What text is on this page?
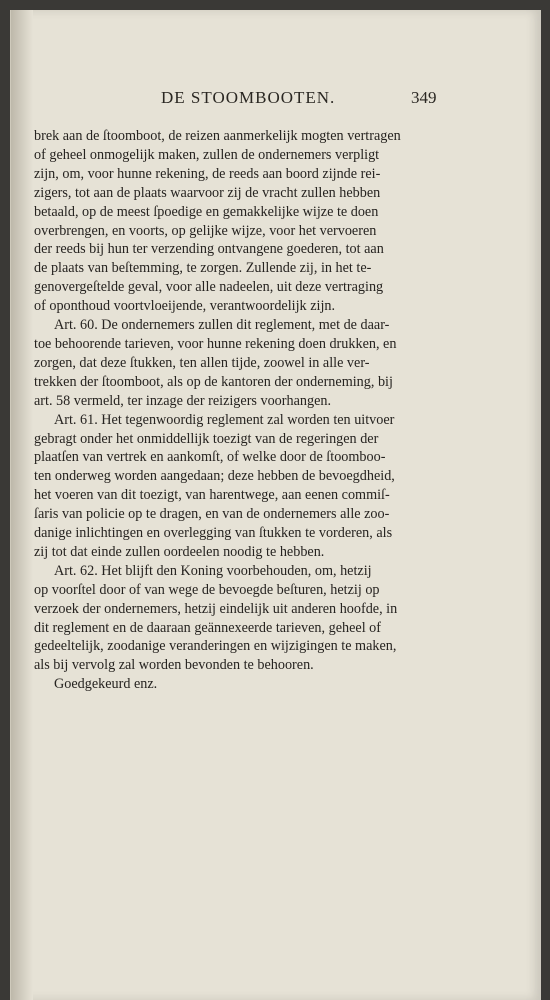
DE STOOMBOOTEN.	349
brek aan de ſtoomboot, de reizen aanmerkelijk mogten vertragen
of geheel onmogelijk maken, zullen de ondernemers verpligt
zijn, om, voor hunne rekening, de reeds aan boord zijnde rei-
zigers, tot aan de plaats waarvoor zij de vracht zullen hebben
betaald, op de meest ſpoedige en gemakkelijke wijze te doen
overbrengen, en voorts, op gelijke wijze, voor het vervoeren
der reeds bij hun ter verzending ontvangene goederen, tot aan
de plaats van beſtemming, te zorgen. Zullende zij, in het te-
genovergeſtelde geval, voor alle nadeelen, uit deze vertraging
of oponthoud voortvloeijende, verantwoordelijk zijn.
Art. 60. De ondernemers zullen dit reglement, met de daar-
toe behoorende tarieven, voor hunne rekening doen drukken, en
zorgen, dat deze ſtukken, ten allen tijde, zoowel in alle ver-
trekken der ſtoomboot, als op de kantoren der onderneming, bij
art. 58 vermeld, ter inzage der reizigers voorhangen.
Art. 61. Het tegenwoordig reglement zal worden ten uitvoer
gebragt onder het onmiddellijk toezigt van de regeringen der
plaatſen van vertrek en aankomſt, of welke door de ſtoomboo-
ten onderweg worden aangedaan; deze hebben de bevoegdheid,
het voeren van dit toezigt, van harentwege, aan eenen commiſ-
ſaris van policie op te dragen, en van de ondernemers alle zoo-
danige inlichtingen en overlegging van ſtukken te vorderen, als
zij tot dat einde zullen oordeelen noodig te hebben.
Art. 62. Het blijft den Koning voorbehouden, om, hetzij
op voorſtel door of van wege de bevoegde beſturen, hetzij op
verzoek der ondernemers, hetzij eindelijk uit anderen hoofde, in
dit reglement en de daaraan geännexeerde tarieven, geheel of
gedeeltelijk, zoodanige veranderingen en wijzigingen te maken,
als bij vervolg zal worden bevonden te behooren.
Goedgekeurd enz.
